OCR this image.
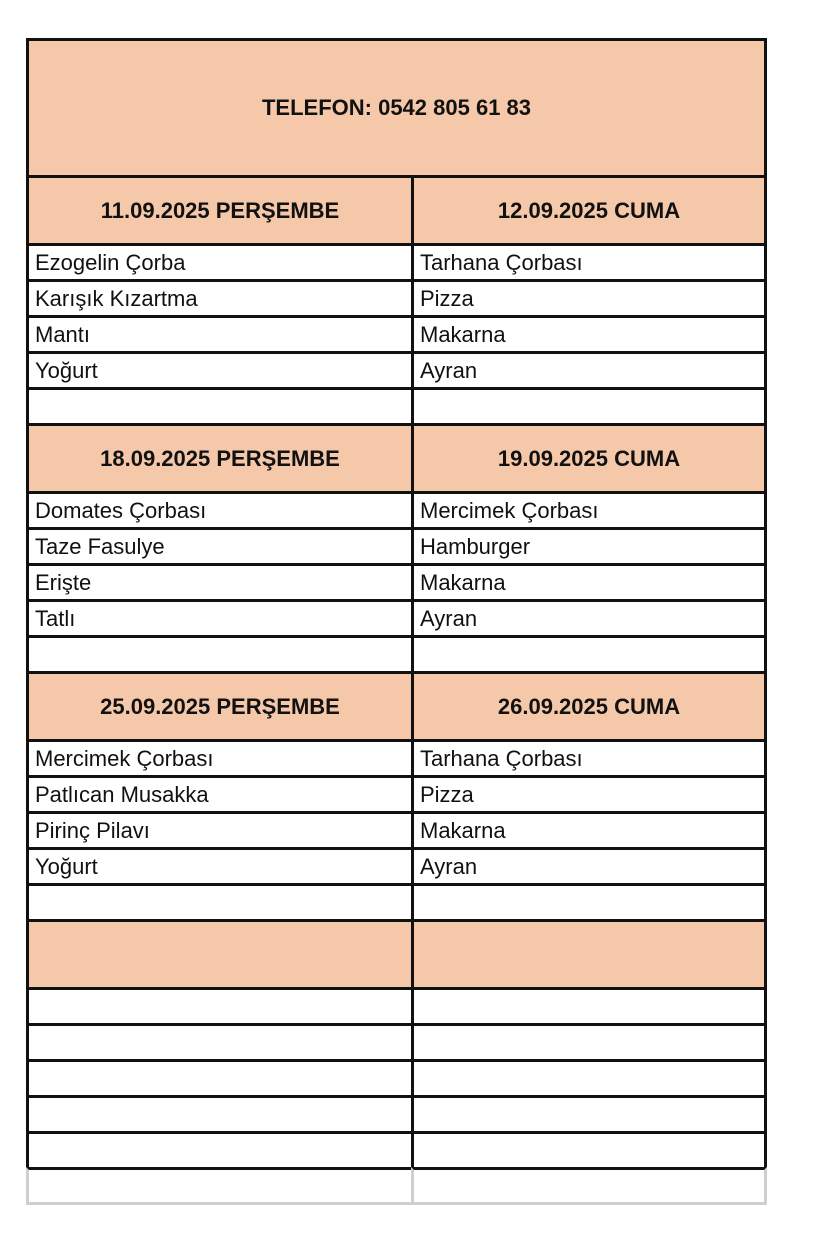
TELEFON: 0542 805 61 83
11.09.2025 PERŞEMBE	12.09.2025 CUMA
Ezogelin Çorba	Tarhana Çorbası
Karışık Kızartma	Pizza
Mantı	Makarna
Yoğurt	Ayran
18.09.2025 PERŞEMBE	19.09.2025 CUMA
Domates Çorbası	Mercimek Çorbası
Taze Fasulye	Hamburger
Erişte	Makarna
Tatlı	Ayran
25.09.2025 PERŞEMBE	26.09.2025 CUMA
Mercimek Çorbası	Tarhana Çorbası
Patlıcan Musakka	Pizza
Pirinç Pilavı	Makarna
Yoğurt	Ayran
